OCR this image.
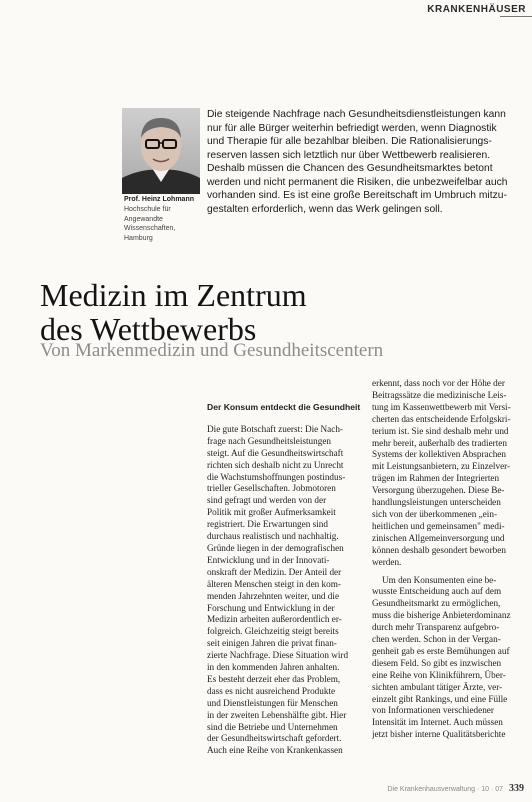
KRANKENHÄUSER
Prof. Heinz Lohmann
Hochschule für
Angewandte
Wissenschaften,
Hamburg
Die steigende Nachfrage nach Gesundheitsdienstleistungen kann
nur für alle Bürger weiterhin befriedigt werden, wenn Diagnostik
und Therapie für alle bezahlbar bleiben. Die Rationalisierungs-
reserven lassen sich letztlich nur über Wettbewerb realisieren.
Deshalb müssen die Chancen des Gesundheitsmarktes betont
werden und nicht permanent die Risiken, die unbezweifelbar auch
vorhanden sind. Es ist eine große Bereitschaft im Umbruch mitzu-
gestalten erforderlich, wenn das Werk gelingen soll.
Medizin im Zentrum
des Wettbewerbs
Von Markenmedizin und Gesundheitscentern
Der Konsum entdeckt die Gesundheit
Die gute Botschaft zuerst: Die Nach-
frage nach Gesundheitsleistungen
steigt. Auf die Gesundheitswirtschaft
richten sich deshalb nicht zu Unrecht
die Wachstumshoffnungen postindus-
trieller Gesellschaften. Jobmotoren
sind gefragt und werden von der
Politik mit großer Aufmerksamkeit
registriert. Die Erwartungen sind
durchaus realistisch und nachhaltig.
Gründe liegen in der demografischen
Entwicklung und in der Innovati-
onskraft der Medizin. Der Anteil der
älteren Menschen steigt in den kom-
menden Jahrzehnten weiter, und die
Forschung und Entwicklung in der
Medizin arbeiten außerordentlich er-
folgreich. Gleichzeitig steigt bereits
seit einigen Jahren die privat finan-
zierte Nachfrage. Diese Situation wird
in den kommenden Jahren anhalten.
Es besteht derzeit eher das Problem,
dass es nicht ausreichend Produkte
und Dienstleistungen für Menschen
in der zweiten Lebenshälfte gibt. Hier
sind die Betriebe und Unternehmen
der Gesundheitswirtschaft gefordert.
Auch eine Reihe von Krankenkassen
erkennt, dass noch vor der Höhe der
Beitragssätze die medizinische Leis-
tung im Kassenwettbewerb mit Versi-
cherten das entscheidende Erfolgskri-
terium ist. Sie sind deshalb mehr und
mehr bereit, außerhalb des tradierten
Systems der kollektiven Absprachen
mit Leistungsanbietern, zu Einzelver-
trägen im Rahmen der Integrierten
Versorgung überzugehen. Diese Be-
handlungsleistungen unterscheiden
sich von der überkommenen „ein-
heitlichen und gemeinsamen" medi-
zinischen Allgemeinversorgung und
können deshalb gesondert beworben
werden.
Um den Konsumenten eine be-
wusste Entscheidung auch auf dem
Gesundheitsmarkt zu ermöglichen,
muss die bisherige Anbieterdominanz
durch mehr Transparenz aufgebro-
chen werden. Schon in der Vergan-
genheit gab es erste Bemühungen auf
diesem Feld. So gibt es inzwischen
eine Reihe von Klinikführern, Über-
sichten ambulant tätiger Ärzte, ver-
einzelt gibt Rankings, und eine Fülle
von Informationen verschiedener
Intensität im Internet. Auch müssen
jetzt bisher interne Qualitätsberichte
Die Krankenhausverwaltung · 10 · 07 339
